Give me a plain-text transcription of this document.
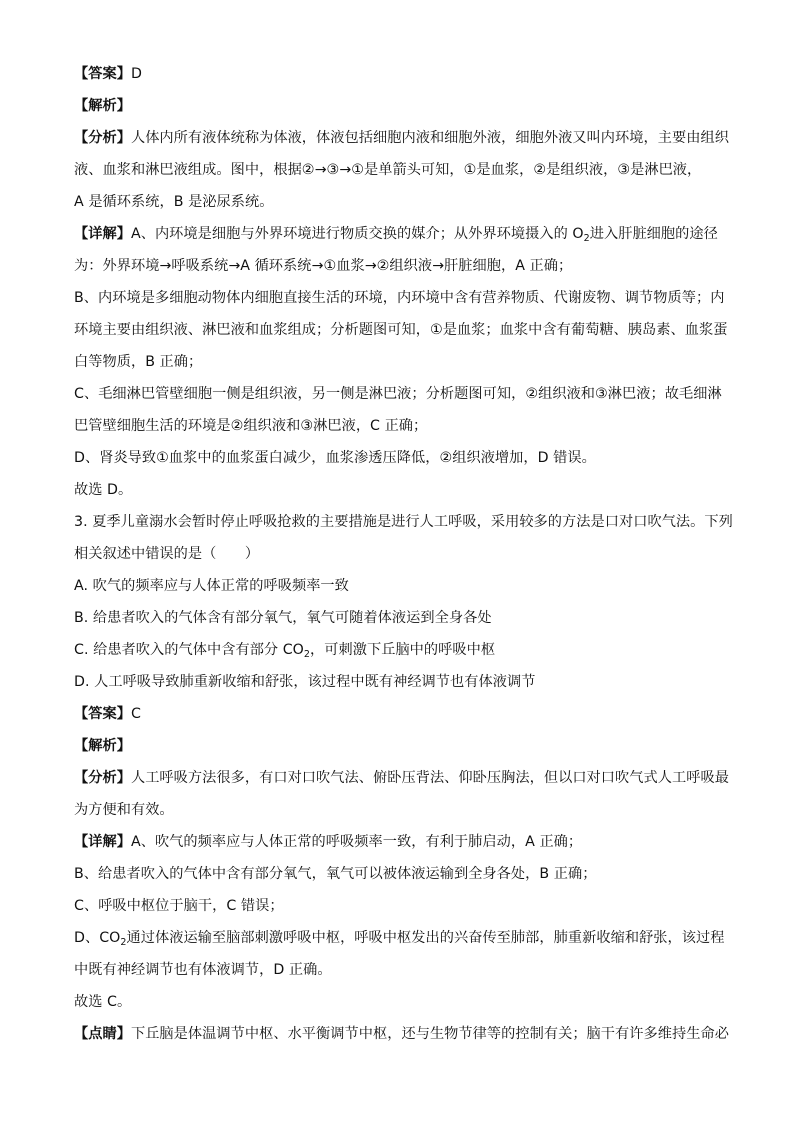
【答案】D
【解析】
【分析】人体内所有液体统称为体液，体液包括细胞内液和细胞外液，细胞外液又叫内环境，主要由组织
液、血浆和淋巴液组成。图中，根据②→③→①是单箭头可知，①是血浆，②是组织液，③是淋巴液，
A 是循环系统，B 是泌尿系统。
【详解】A、内环境是细胞与外界环境进行物质交换的媒介；从外界环境摄入的 $O_2$进入肝脏细胞的途径
为：外界环境→呼吸系统→A 循环系统→①血浆→②组织液→肝脏细胞，A 正确；
B、内环境是多细胞动物体内细胞直接生活的环境，内环境中含有营养物质、代谢废物、调节物质等；内
环境主要由组织液、淋巴液和血浆组成；分析题图可知，①是血浆；血浆中含有葡萄糖、胰岛素、血浆蛋
白等物质，B 正确；
C、毛细淋巴管壁细胞一侧是组织液，另一侧是淋巴液；分析题图可知，②组织液和③淋巴液；故毛细淋
巴管壁细胞生活的环境是②组织液和③淋巴液，C 正确；
D、肾炎导致①血浆中的血浆蛋白减少，血浆渗透压降低，②组织液增加，D 错误。
故选 D。
3. 夏季儿童溺水会暂时停止呼吸抢救的主要措施是进行人工呼吸，采用较多的方法是口对口吹气法。下列
相关叙述中错误的是（　　）
A. 吹气的频率应与人体正常的呼吸频率一致
B. 给患者吹入的气体含有部分氧气，氧气可随着体液运到全身各处
C. 给患者吹入的气体中含有部分 $CO_2$，可刺激下丘脑中的呼吸中枢
D. 人工呼吸导致肺重新收缩和舒张，该过程中既有神经调节也有体液调节
【答案】C
【解析】
【分析】人工呼吸方法很多，有口对口吹气法、俯卧压背法、仰卧压胸法，但以口对口吹气式人工呼吸最
为方便和有效。
【详解】A、吹气的频率应与人体正常的呼吸频率一致，有利于肺启动，A 正确；
B、给患者吹入的气体中含有部分氧气，氧气可以被体液运输到全身各处，B 正确；
C、呼吸中枢位于脑干，C 错误；
D、$CO_2$通过体液运输至脑部刺激呼吸中枢，呼吸中枢发出的兴奋传至肺部，肺重新收缩和舒张，该过程
中既有神经调节也有体液调节，D 正确。
故选 C。
【点睛】下丘脑是体温调节中枢、水平衡调节中枢，还与生物节律等的控制有关；脑干有许多维持生命必
